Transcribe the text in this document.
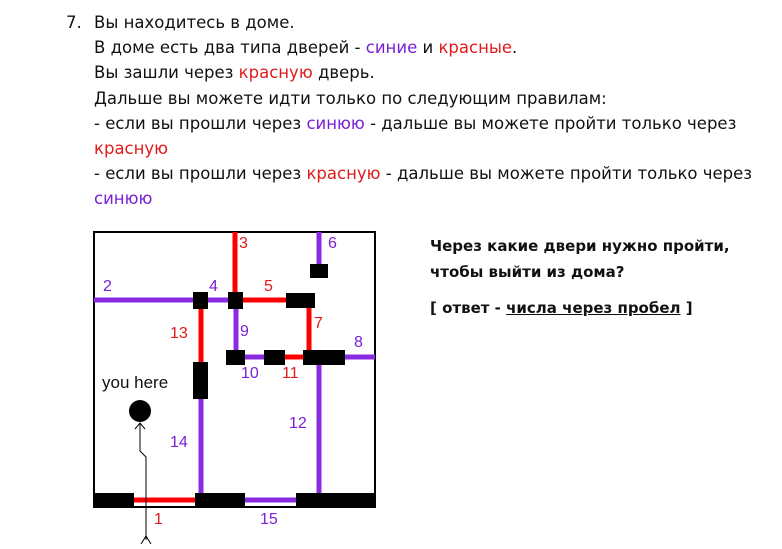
7. Вы находитесь в доме.
В доме есть два типа дверей - синие и красные.
Вы зашли через красную дверь.
Дальше вы можете идти только по следующим правилам:
- если вы прошли через синюю - дальше вы можете пройти только через
красную
- если вы прошли через красную - дальше вы можете пройти только через
синюю
1
2
3
4	5
6
7
8
9
10 11
12
13
14
15
you here
Через какие двери нужно пройти,
чтобы выйти из дома?
[ ответ - числа через пробел ]
